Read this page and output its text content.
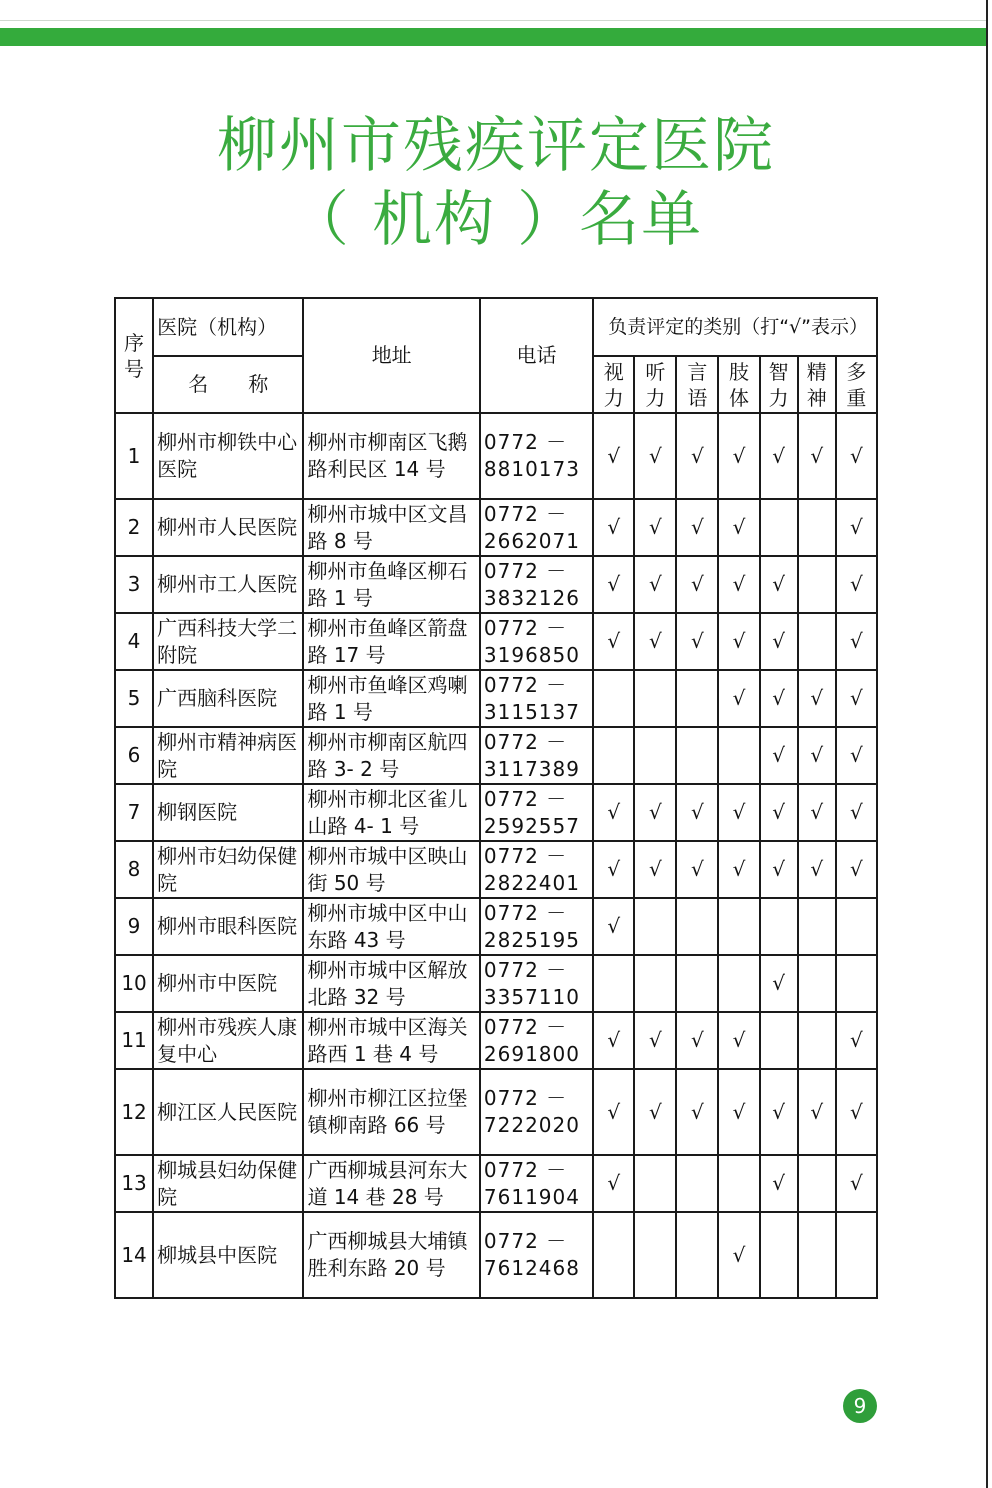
柳州市残疾评定医院
（ 机构 ）名单
序号	医院（机构）	地址	电话	负责评定的类别（打“√”表示）						
	名　　称			视力	听力	言语	肢体	智力	精神	多重
1	柳州市柳铁中心医院	柳州市柳南区飞鹅路利民区 14 号	0772 － 8810173	√	√	√	√	√	√	√
2	柳州市人民医院	柳州市城中区文昌路 8 号	0772 － 2662071	√	√	√	√			√
3	柳州市工人医院	柳州市鱼峰区柳石路 1 号	0772 － 3832126	√	√	√	√	√		√
4	广西科技大学二附院	柳州市鱼峰区箭盘路 17 号	0772 － 3196850	√	√	√	√	√		√
5	广西脑科医院	柳州市鱼峰区鸡喇路 1 号	0772 － 3115137				√	√	√	√
6	柳州市精神病医院	柳州市柳南区航四路 3- 2 号	0772 － 3117389					√	√	√
7	柳钢医院	柳州市柳北区雀儿山路 4- 1 号	0772 － 2592557	√	√	√	√	√	√	√
8	柳州市妇幼保健院	柳州市城中区映山街 50 号	0772 － 2822401	√	√	√	√	√	√	√
9	柳州市眼科医院	柳州市城中区中山东路 43 号	0772 － 2825195	√						
10	柳州市中医院	柳州市城中区解放北路 32 号	0772 － 3357110					√		
11	柳州市残疾人康复中心	柳州市城中区海关路西 1 巷 4 号	0772 － 2691800	√	√	√	√			√
12	柳江区人民医院	柳州市柳江区拉堡镇柳南路 66 号	0772 － 7222020	√	√	√	√	√	√	√
13	柳城县妇幼保健院	广西柳城县河东大道 14 巷 28 号	0772 － 7611904	√				√		√
14	柳城县中医院	广西柳城县大埔镇胜利东路 20 号	0772 － 7612468				√			
9
